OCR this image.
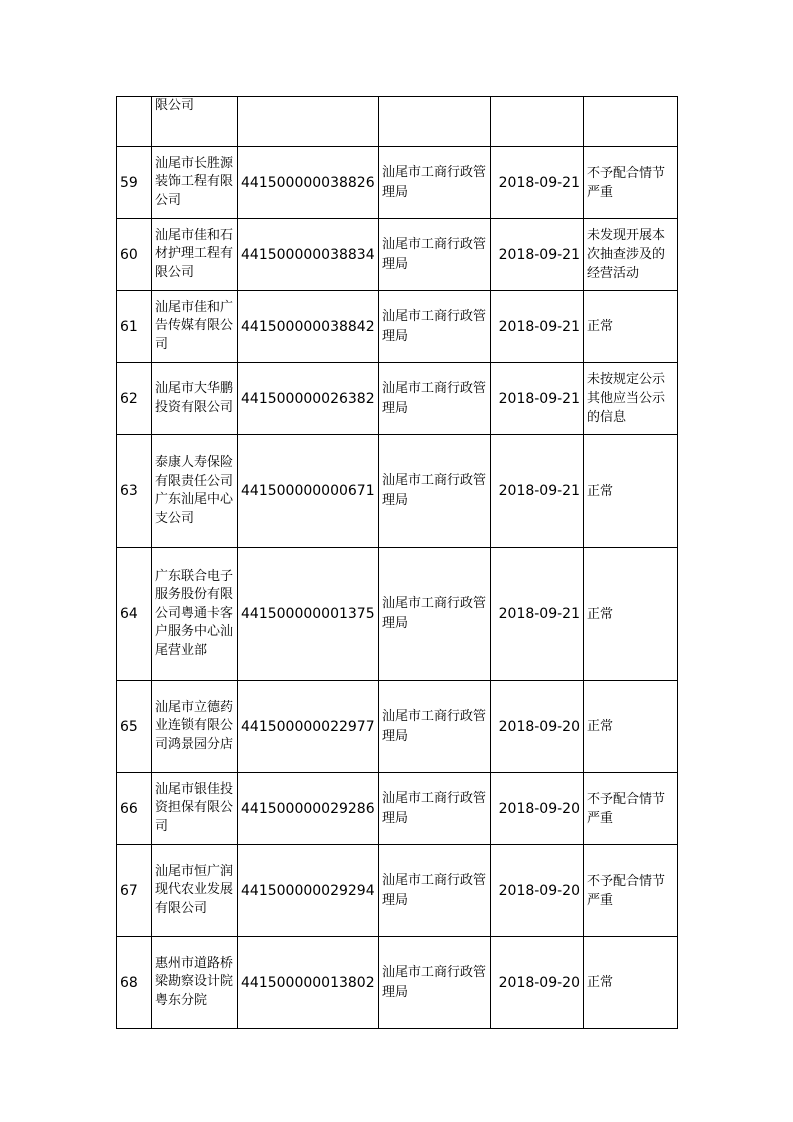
	限公司				
59	汕尾市长胜源装饰工程有限公司	441500000038826	汕尾市工商行政管理局	2018-09-21	不予配合情节严重
60	汕尾市佳和石材护理工程有限公司	441500000038834	汕尾市工商行政管理局	2018-09-21	未发现开展本次抽查涉及的经营活动
61	汕尾市佳和广告传媒有限公司	441500000038842	汕尾市工商行政管理局	2018-09-21	正常
62	汕尾市大华鹏投资有限公司	441500000026382	汕尾市工商行政管理局	2018-09-21	未按规定公示其他应当公示的信息
63	泰康人寿保险有限责任公司广东汕尾中心支公司	441500000000671	汕尾市工商行政管理局	2018-09-21	正常
64	广东联合电子服务股份有限公司粤通卡客户服务中心汕尾营业部	441500000001375	汕尾市工商行政管理局	2018-09-21	正常
65	汕尾市立德药业连锁有限公司鸿景园分店	441500000022977	汕尾市工商行政管理局	2018-09-20	正常
66	汕尾市银佳投资担保有限公司	441500000029286	汕尾市工商行政管理局	2018-09-20	不予配合情节严重
67	汕尾市恒广润现代农业发展有限公司	441500000029294	汕尾市工商行政管理局	2018-09-20	不予配合情节严重
68	惠州市道路桥梁勘察设计院粤东分院	441500000013802	汕尾市工商行政管理局	2018-09-20	正常
